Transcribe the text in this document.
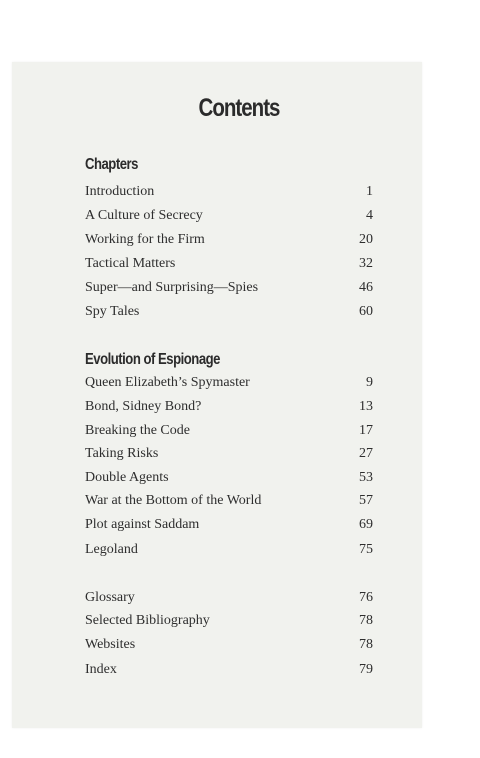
Contents
Chapters
Introduction	1
A Culture of Secrecy	4
Working for the Firm	20
Tactical Matters	32
Super—and Surprising—Spies	46
Spy Tales	60
Evolution of Espionage
Queen Elizabeth’s Spymaster	9
Bond, Sidney Bond?	13
Breaking the Code	17
Taking Risks	27
Double Agents	53
War at the Bottom of the World	57
Plot against Saddam	69
Legoland	75
Glossary	76
Selected Bibliography	78
Websites	78
Index	79
